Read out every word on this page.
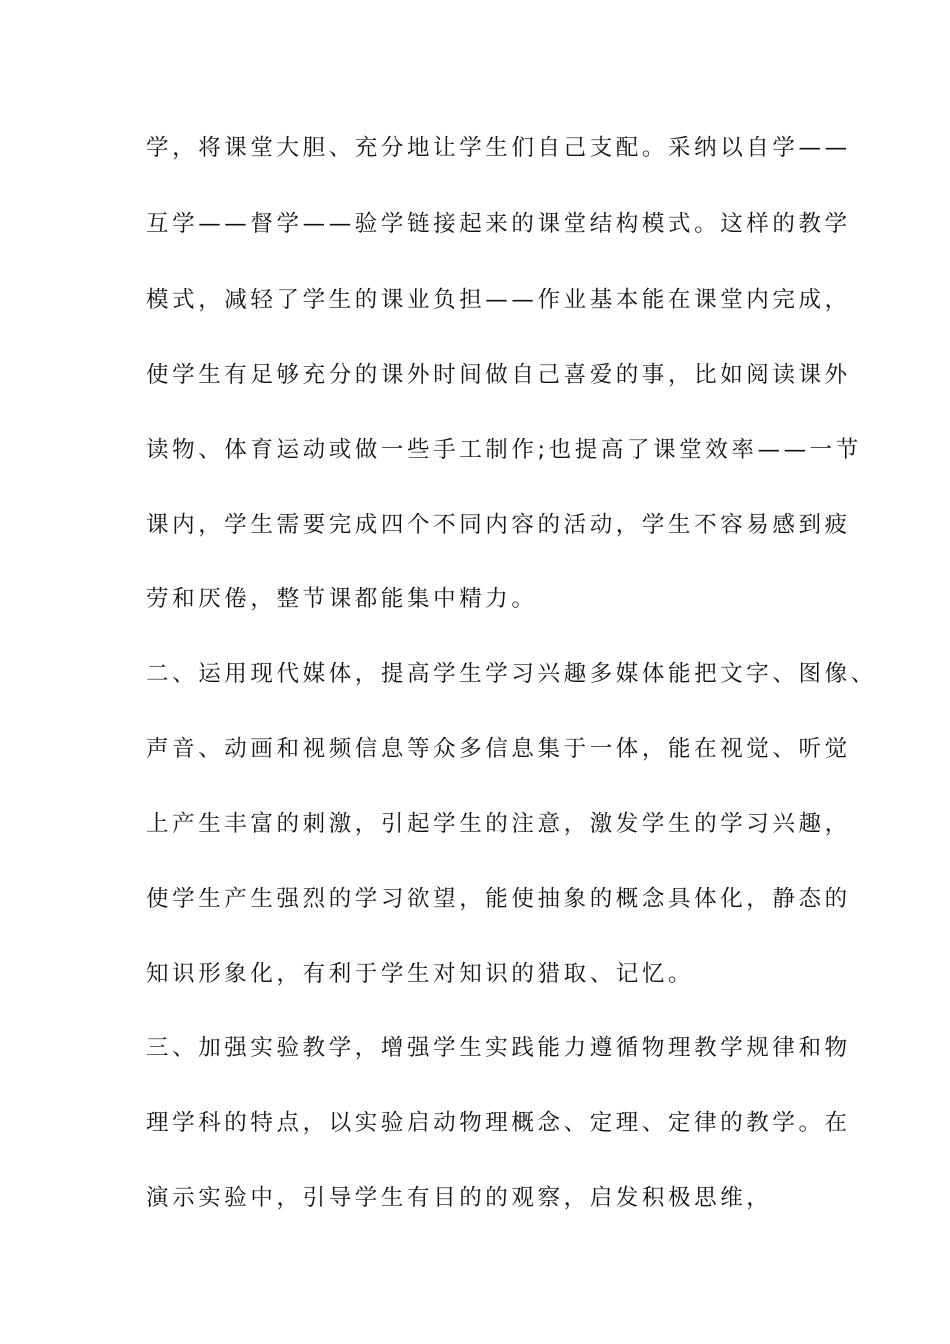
学，将课堂大胆、充分地让学生们自己支配。采纳以自学——
互学——督学——验学链接起来的课堂结构模式。这样的教学
模式，减轻了学生的课业负担——作业基本能在课堂内完成，
使学生有足够充分的课外时间做自己喜爱的事，比如阅读课外
读物、体育运动或做一些手工制作;也提高了课堂效率——一节
课内，学生需要完成四个不同内容的活动，学生不容易感到疲
劳和厌倦，整节课都能集中精力。
二、运用现代媒体，提高学生学习兴趣多媒体能把文字、图像、
声音、动画和视频信息等众多信息集于一体，能在视觉、听觉
上产生丰富的刺激，引起学生的注意，激发学生的学习兴趣，
使学生产生强烈的学习欲望，能使抽象的概念具体化，静态的
知识形象化，有利于学生对知识的猎取、记忆。
三、加强实验教学，增强学生实践能力遵循物理教学规律和物
理学科的特点，以实验启动物理概念、定理、定律的教学。在
演示实验中，引导学生有目的的观察，启发积极思维，
